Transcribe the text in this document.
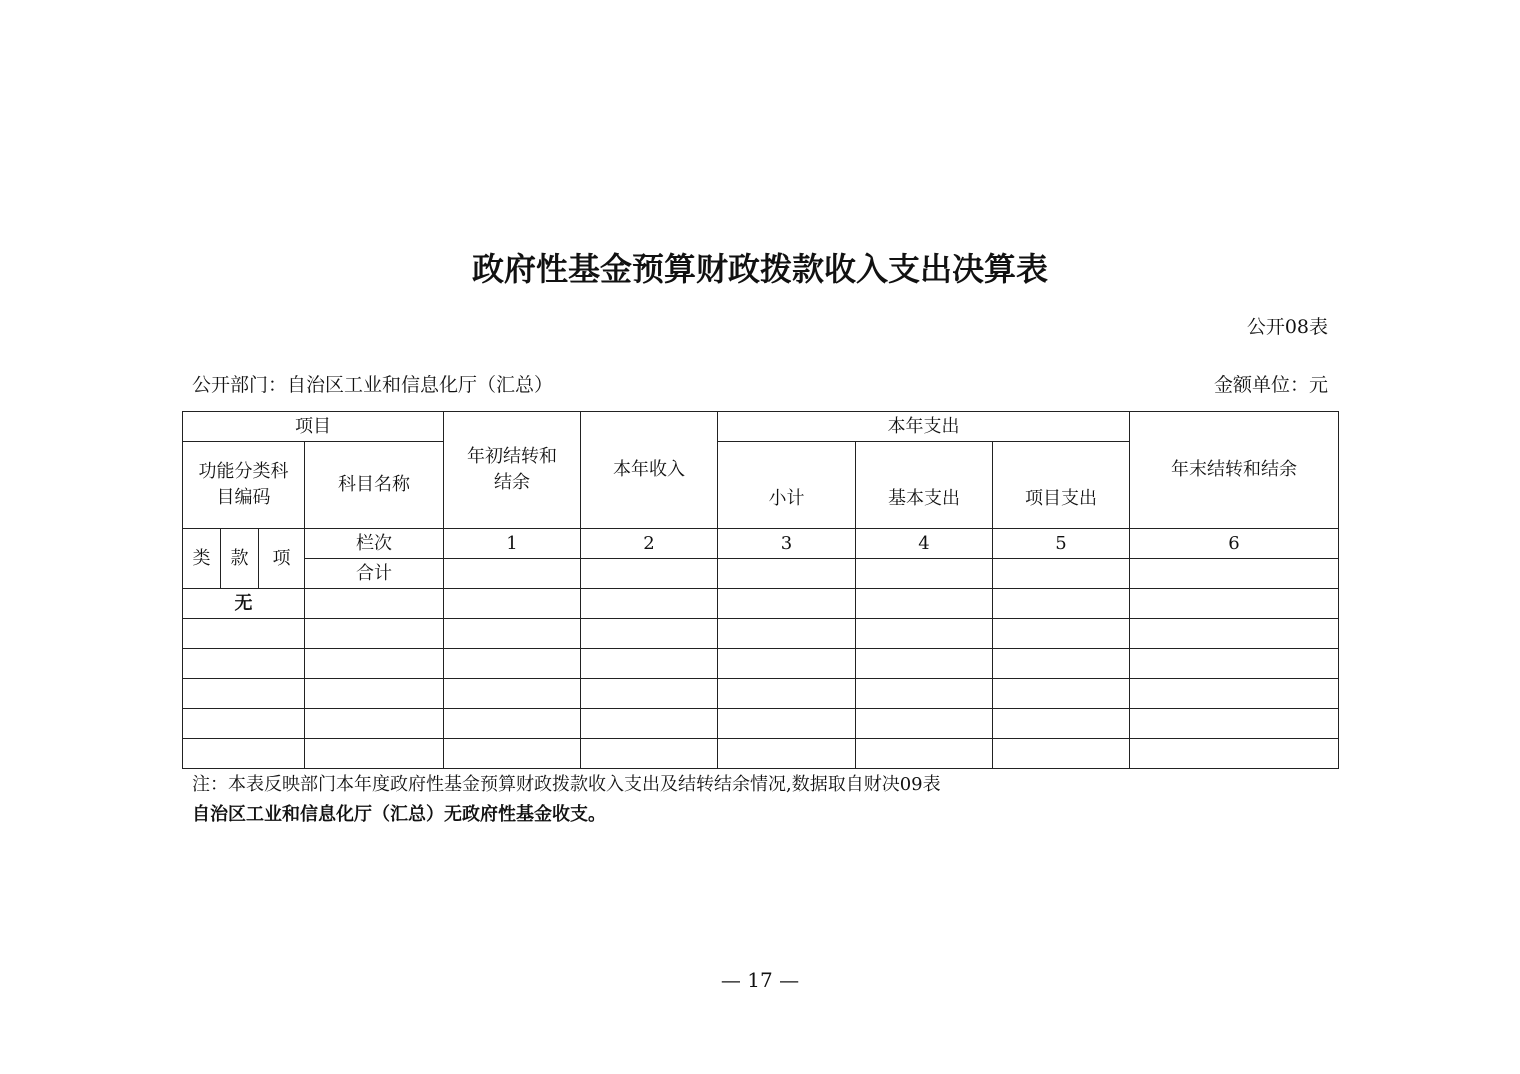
政府性基金预算财政拨款收入支出决算表
公开08表
公开部门：自治区工业和信息化厅（汇总）	金额单位：元
项目				年初结转和结余	本年收入	本年支出			年末结转和结余
功能分类科目编码			科目名称			小计	基本支出	项目支出	
类	款	项	栏次	1	2	3	4	5	6
			合计						
无									

注：本表反映部门本年度政府性基金预算财政拨款收入支出及结转结余情况,数据取自财决09表
自治区工业和信息化厅（汇总）无政府性基金收支。
— 17 —
